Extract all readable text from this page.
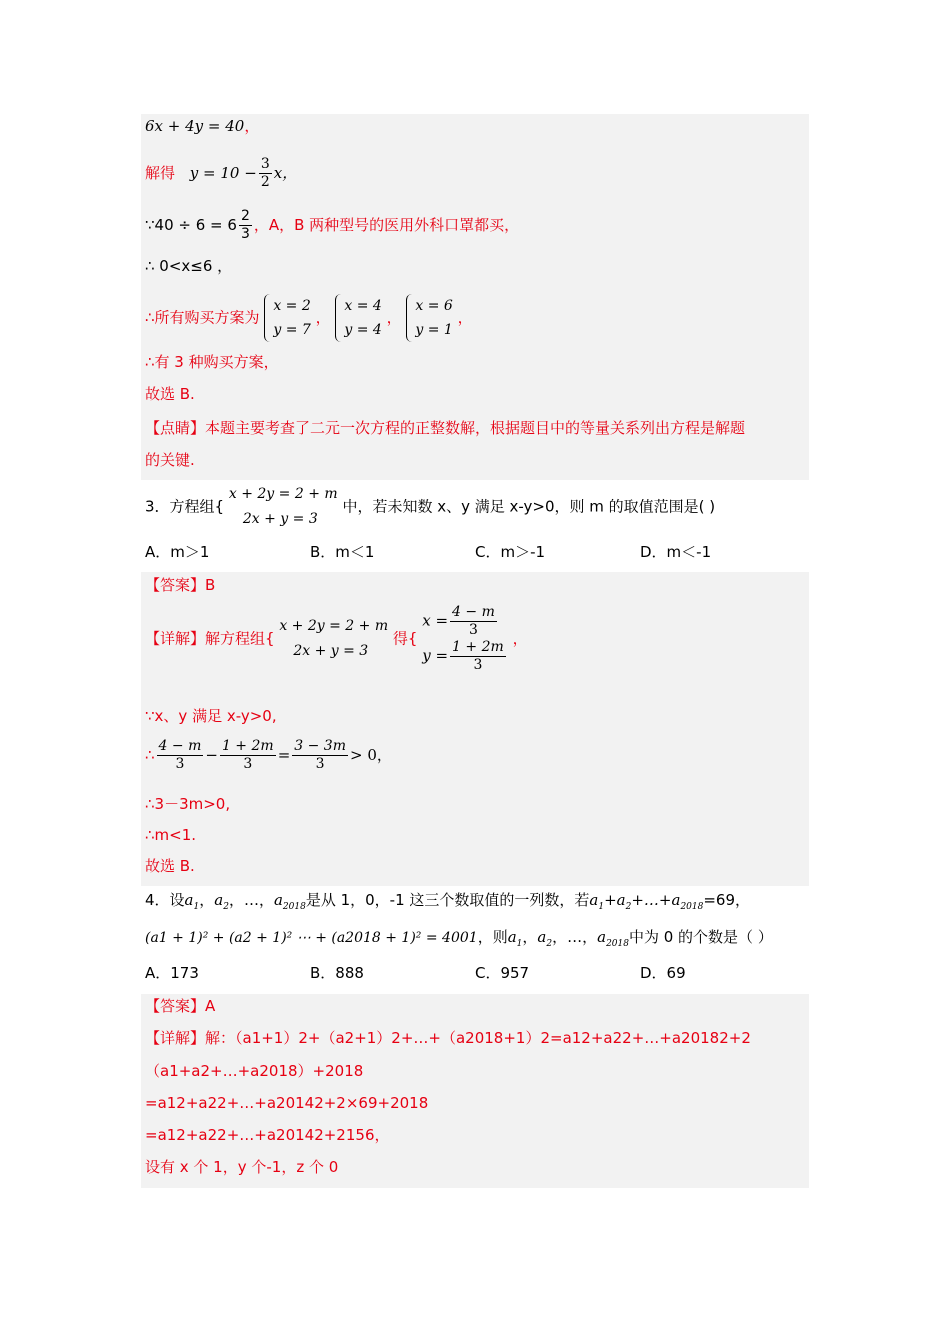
6x + 4y = 40，
解得 $y = 10 - \frac{3}{2}$ x，
∵40 ÷ $6 = 6 \frac{2}{3}$ ，A，B 两种型号的医用外科口罩都买，
∴ 0<x≤6 ，
∴所有购买方案为
x = 2
y = 7
，
x = 4
y = 4
，
x = 6
y = 1
，
∴有 3 种购买方案，
故选 B.
【点睛】本题主要考查了二元一次方程的正整数解，根据题目中的等量关系列出方程是解题
的关键.
3．方程组{
x + 2y = 2 + m
2x + y = 3
中，若未知数 x、y 满足 x-y>0，则 m 的取值范围是( )
A．m＞1	B．m＜1	C．m＞-1	D．m＜-1
【答案】B
【详解】解方程组{
x + 2y = 2 + m
2x + y = 3
得{
$x = \frac{4 - m}{3}$
$y = \frac{1 + 2m}{3}$
，
∵x、y 满足 x-y>0,
∴ $\frac{4 - m}{3} - \frac{1 + 2m}{3} = \frac{3 - 3m}{3} > 0$，
∴3－3m>0,
∴m<1.
故选 B.
4．设$a_1$，$a_2$，…，$a_{2018}$是从 1，0，-1 这三个数取值的一列数，若$a_1+a_2+\dots+a_{2018}=69$，
(a1 + 1)² + (a2 + 1)² ⋯ + (a2018 + 1)² = 4001，则$a_1$，$a_2$，…，$a_{2018}$中为 0 的个数是（ ）
A．173	B．888	C．957	D．69
【答案】A
【详解】解：（a1+1）2+（a2+1）2+…+（a2018+1）2=a12+a22+…+a20182+2
（a1+a2+…+a2018）+2018
=a12+a22+…+a20142+2×69+2018
=a12+a22+…+a20142+2156，
设有 x 个 1，y 个-1，z 个 0
